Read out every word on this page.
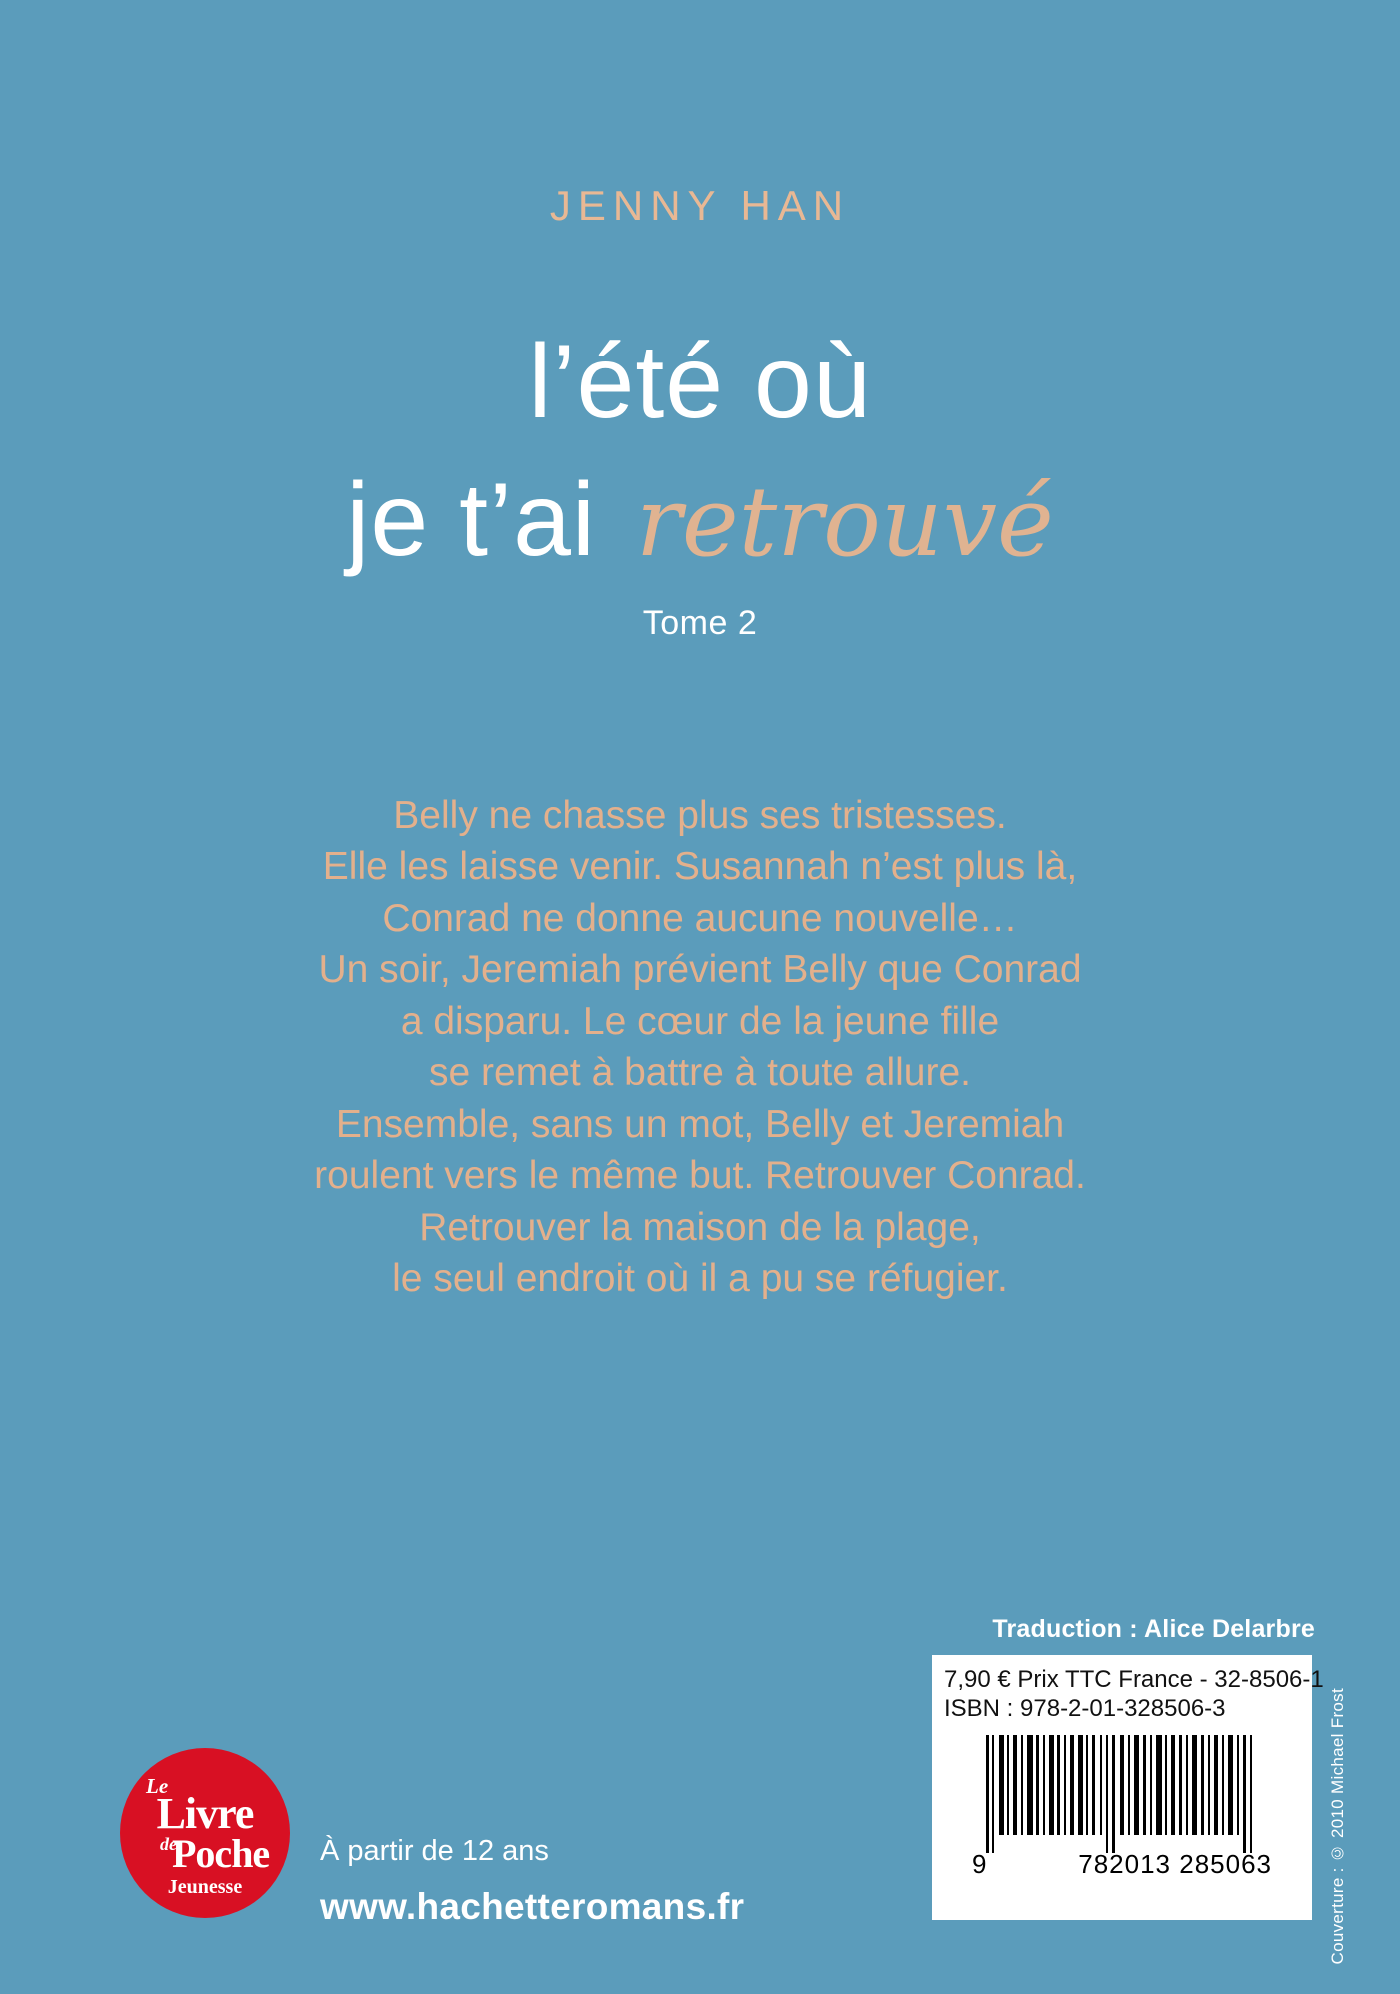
JENNY HAN
l’été où
je t’ai retrouvé
Tome 2
Belly ne chasse plus ses tristesses.
Elle les laisse venir. Susannah n’est plus là,
Conrad ne donne aucune nouvelle…
Un soir, Jeremiah prévient Belly que Conrad
a disparu. Le cœur de la jeune fille
se remet à battre à toute allure.
Ensemble, sans un mot, Belly et Jeremiah
roulent vers le même but. Retrouver Conrad.
Retrouver la maison de la plage,
le seul endroit où il a pu se réfugier.
Traduction : Alice Delarbre
7,90 € Prix TTC France - 32-8506-1
ISBN : 978-2-01-328506-3
9	782013 285063	Couverture : © 2010 Michael Frost
Le
Livre
de
Poche
Jeunesse
À partir de 12 ans
www.hachetteromans.fr
